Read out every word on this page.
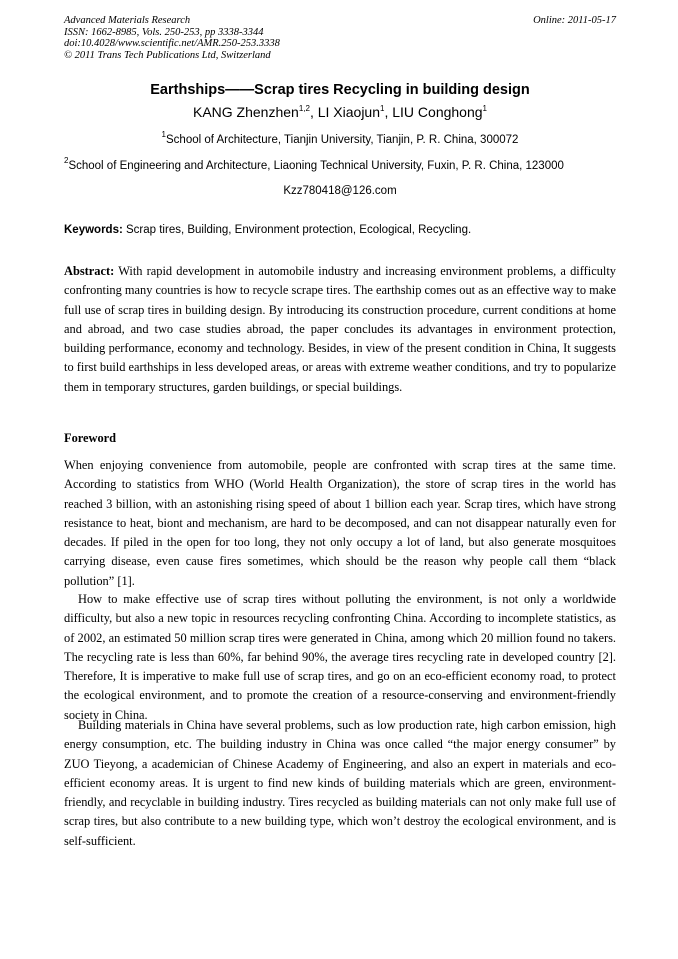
Advanced Materials Research
ISSN: 1662-8985, Vols. 250-253, pp 3338-3344
doi:10.4028/www.scientific.net/AMR.250-253.3338
© 2011 Trans Tech Publications Ltd, Switzerland
Online: 2011-05-17
Earthships——Scrap tires Recycling in building design
KANG Zhenzhen$^{1,2}$, LI Xiaojun$^1$, LIU Conghong$^1$
$^1$School of Architecture, Tianjin University, Tianjin, P. R. China, 300072
$^2$School of Engineering and Architecture, Liaoning Technical University, Fuxin, P. R. China, 123000
Kzz780418@126.com
Keywords: Scrap tires, Building, Environment protection, Ecological, Recycling.
Abstract: With rapid development in automobile industry and increasing environment problems, a difficulty confronting many countries is how to recycle scrape tires. The earthship comes out as an effective way to make full use of scrap tires in building design. By introducing its construction procedure, current conditions at home and abroad, and two case studies abroad, the paper concludes its advantages in environment protection, building performance, economy and technology. Besides, in view of the present condition in China, It suggests to first build earthships in less developed areas, or areas with extreme weather conditions, and try to popularize them in temporary structures, garden buildings, or special buildings.
Foreword

When enjoying convenience from automobile, people are confronted with scrap tires at the same time. According to statistics from WHO (World Health Organization), the store of scrap tires in the world has reached 3 billion, with an astonishing rising speed of about 1 billion each year. Scrap tires, which have strong resistance to heat, biont and mechanism, are hard to be decomposed, and can not disappear naturally even for decades. If piled in the open for too long, they not only occupy a lot of land, but also generate mosquitoes carrying disease, even cause fires sometimes, which should be the reason why people call them “black pollution” [1].

How to make effective use of scrap tires without polluting the environment, is not only a worldwide difficulty, but also a new topic in resources recycling confronting China. According to incomplete statistics, as of 2002, an estimated 50 million scrap tires were generated in China, among which 20 million found no takers. The recycling rate is less than 60%, far behind 90%, the average tires recycling rate in developed country [2]. Therefore, It is imperative to make full use of scrap tires, and go on an eco-efficient economy road, to protect the ecological environment, and to promote the creation of a resource-conserving and environment-friendly society in China.

Building materials in China have several problems, such as low production rate, high carbon emission, high energy consumption, etc. The building industry in China was once called “the major energy consumer” by ZUO Tieyong, a academician of Chinese Academy of Engineering, and also an expert in materials and eco-efficient economy areas. It is urgent to find new kinds of building materials which are green, environment-friendly, and recyclable in building industry. Tires recycled as building materials can not only make full use of scrap tires, but also contribute to a new building type, which won’t destroy the ecological environment, and is self-sufficient.
